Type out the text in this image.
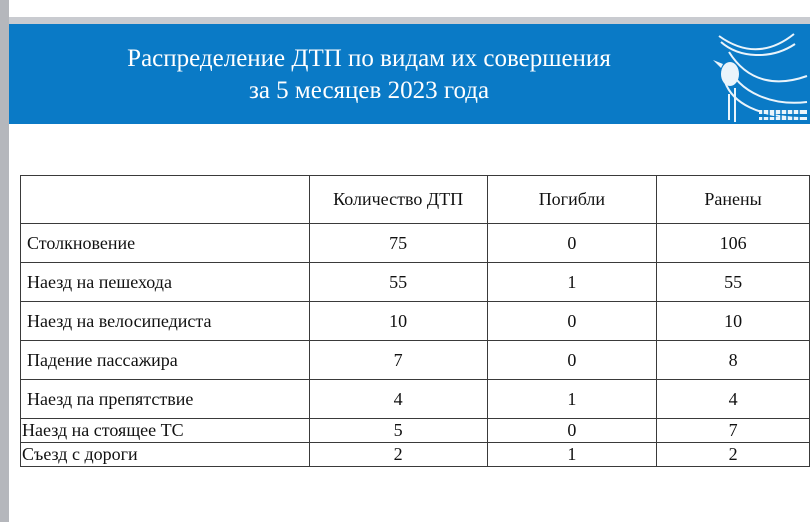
Распределение ДТП по видам их совершения
за 5 месяцев 2023 года
	Количество ДТП	Погибли	Ранены
Столкновение	75	0	106
Наезд на пешехода	55	1	55
Наезд на велосипедиста	10	0	10
Падение пассажира	7	0	8
Наезд па препятствие	4	1	4
Наезд на стоящее ТС	5	0	7
Съезд с дороги	2	1	2
